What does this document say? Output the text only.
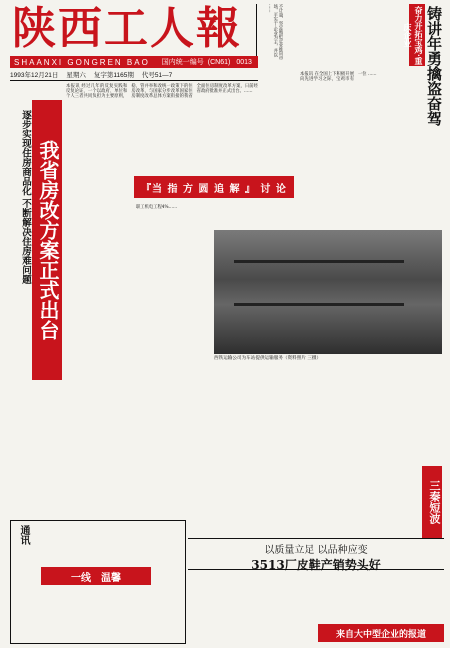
陕西工人報	不计量，坚定地把企业推向市场，平实于 企业为主，并以 ……	奋力开拓宝鸡·重庆企业 铸讲年勇擒盗奋驾
SHAANXI GONGREN BAO 国内统一编号 (CN61) 0013
1993年12月21日 星期六 复字第1165期 代号51—7
逐步实现住房商品化 不断解决住房难问题 我省房改方案正式出台
本报讯 经过几年的反复实践和反复论证，一个以政府、单位和个人三者共同负担为主要原则，稳、管并举和改统一政策下的住房改革，与国家分步改革国家住房制度改革总体方案衔接的我省全面住房制度改革方案，日前经省政府批准并正式出台。……
『当 指 方 圆 追 解 』 讨 论
本报讯 在全国上下积极开展向先进学习之际，宝鸡市有一位 ……
职工机电工程4%……
西铁运输公司为车站提供运输服务（资料照片 三摄）
三秦短波
以质量立足 以品种应变
3513厂皮鞋产销势头好
通讯
一线 温馨
来自大中型企业的报道
